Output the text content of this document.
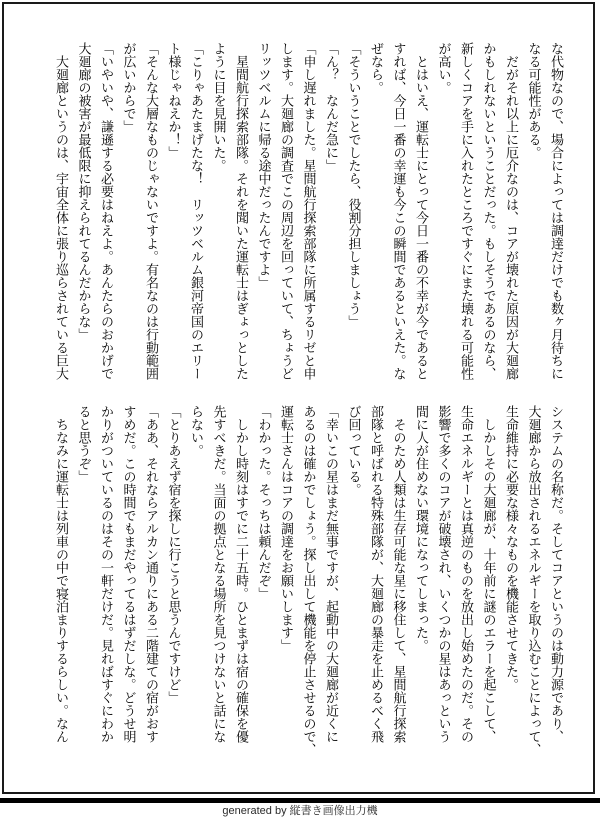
な代物なので、場合によっては調達だけでも数ヶ月待ちに
なる可能性がある。
　だがそれ以上に厄介なのは、コアが壊れた原因が大廻廊
かもしれないということだった。もしそうであるのなら、
新しくコアを手に入れたところですぐにまた壊れる可能性
が高い。
　とはいえ、運転士にとって今日一番の不幸が今であると
すれば、今日一番の幸運も今この瞬間であるといえた。な
ぜなら。
「そういうことでしたら、役割分担しましょう」
「ん？　なんだ急に」
「申し遅れました。星間航行探索部隊に所属するリゼと申
します。大廻廊の調査でこの周辺を回っていて、ちょうど
リッツベルムに帰る途中だったんですよ」
　星間航行探索部隊。それを聞いた運転士はぎょっとした
ように目を見開いた。
「こりゃあたまげたな！　リッツベルム銀河帝国のエリー
ト様じゃねえか！」
「そんな大層なものじゃないですよ。有名なのは行動範囲
が広いからで」
「いやいや、謙遜する必要はねえよ。あんたらのおかげで
大廻廊の被害が最低限に抑えられてるんだからな」
　大廻廊というのは、宇宙全体に張り巡らされている巨大
システムの名称だ。そしてコアというのは動力源であり、
大廻廊から放出されるエネルギーを取り込むことによって、
生命維持に必要な様々なものを機能させてきた。
　しかしその大廻廊が、十年前に謎のエラーを起こして、
生命エネルギーとは真逆のものを放出し始めたのだ。その
影響で多くのコアが破壊され、いくつかの星はあっという
間に人が住めない環境になってしまった。
　そのため人類は生存可能な星に移住して、星間航行探索
部隊と呼ばれる特殊部隊が、大廻廊の暴走を止めるべく飛
び回っている。
「幸いこの星はまだ無事ですが、起動中の大廻廊が近くに
あるのは確かでしょう。探し出して機能を停止させるので、
運転士さんはコアの調達をお願いします」
「わかった。そっちは頼んだぞ」
　しかし時刻はすでに二十五時。ひとまずは宿の確保を優
先すべきだ。当面の拠点となる場所を見つけないと話にな
らない。
「とりあえず宿を探しに行こうと思うんですけど」
「ああ、それならアルカン通りにある二階建ての宿がおす
すめだ。この時間でもまだやってるはずだしな。どうせ明
かりがついているのはその一軒だけだ。見ればすぐにわか
ると思うぞ」
　ちなみに運転士は列車の中で寝泊まりするらしい。なん
generated by 縦書き画像出力機
